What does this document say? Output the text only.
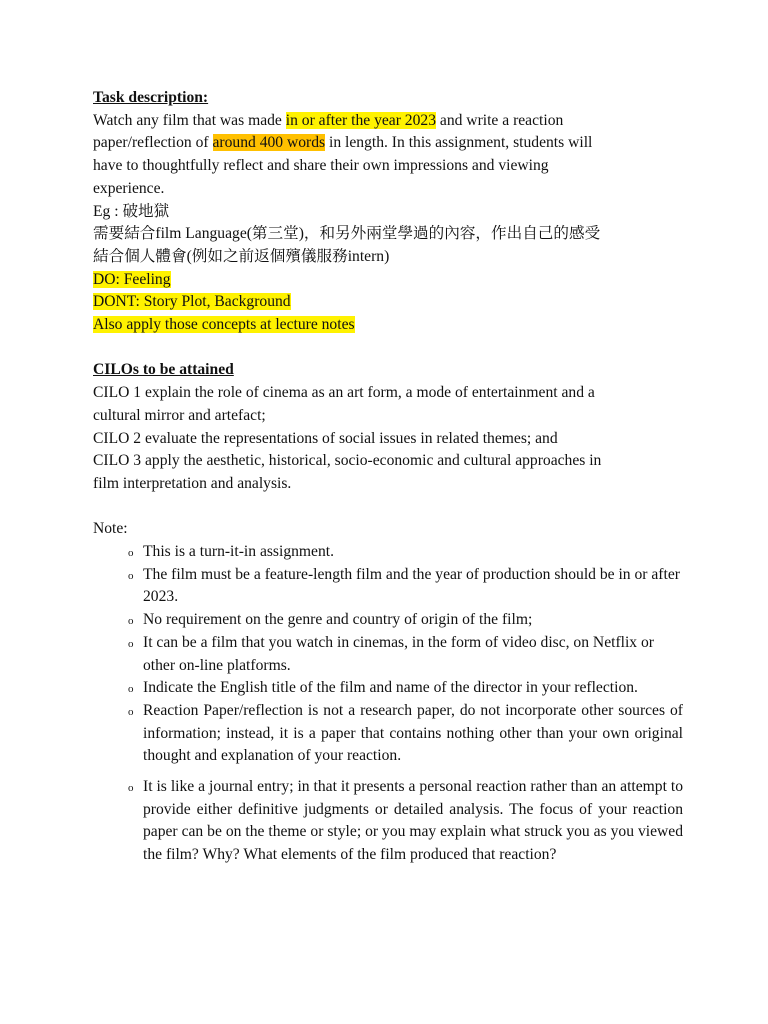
Task description:
Watch any film that was made in or after the year 2023 and write a reaction
paper/reflection of around 400 words in length. In this assignment, students will
have to thoughtfully reflect and share their own impressions and viewing
experience.
Eg : 破地獄
需要結合film Language(第三堂)，和另外兩堂學過的內容，作出自己的感受
結合個人體會(例如之前返個殯儀服務intern)
DO: Feeling
DONT: Story Plot, Background
Also apply those concepts at lecture notes
CILOs to be attained
CILO 1 explain the role of cinema as an art form, a mode of entertainment and a
cultural mirror and artefact;
CILO 2 evaluate the representations of social issues in related themes; and
CILO 3 apply the aesthetic, historical, socio-economic and cultural approaches in
film interpretation and analysis.
Note:
o This is a turn-it-in assignment.
o The film must be a feature-length film and the year of production should be in or after 2023.
o No requirement on the genre and country of origin of the film;
o It can be a film that you watch in cinemas, in the form of video disc, on Netflix or other on-line platforms.
o Indicate the English title of the film and name of the director in your reflection.
o Reaction Paper/reflection is not a research paper, do not incorporate other sources of information; instead, it is a paper that contains nothing other than your own original thought and explanation of your reaction.
o It is like a journal entry; in that it presents a personal reaction rather than an attempt to provide either definitive judgments or detailed analysis. The focus of your reaction paper can be on the theme or style; or you may explain what struck you as you viewed the film? Why? What elements of the film produced that reaction?
